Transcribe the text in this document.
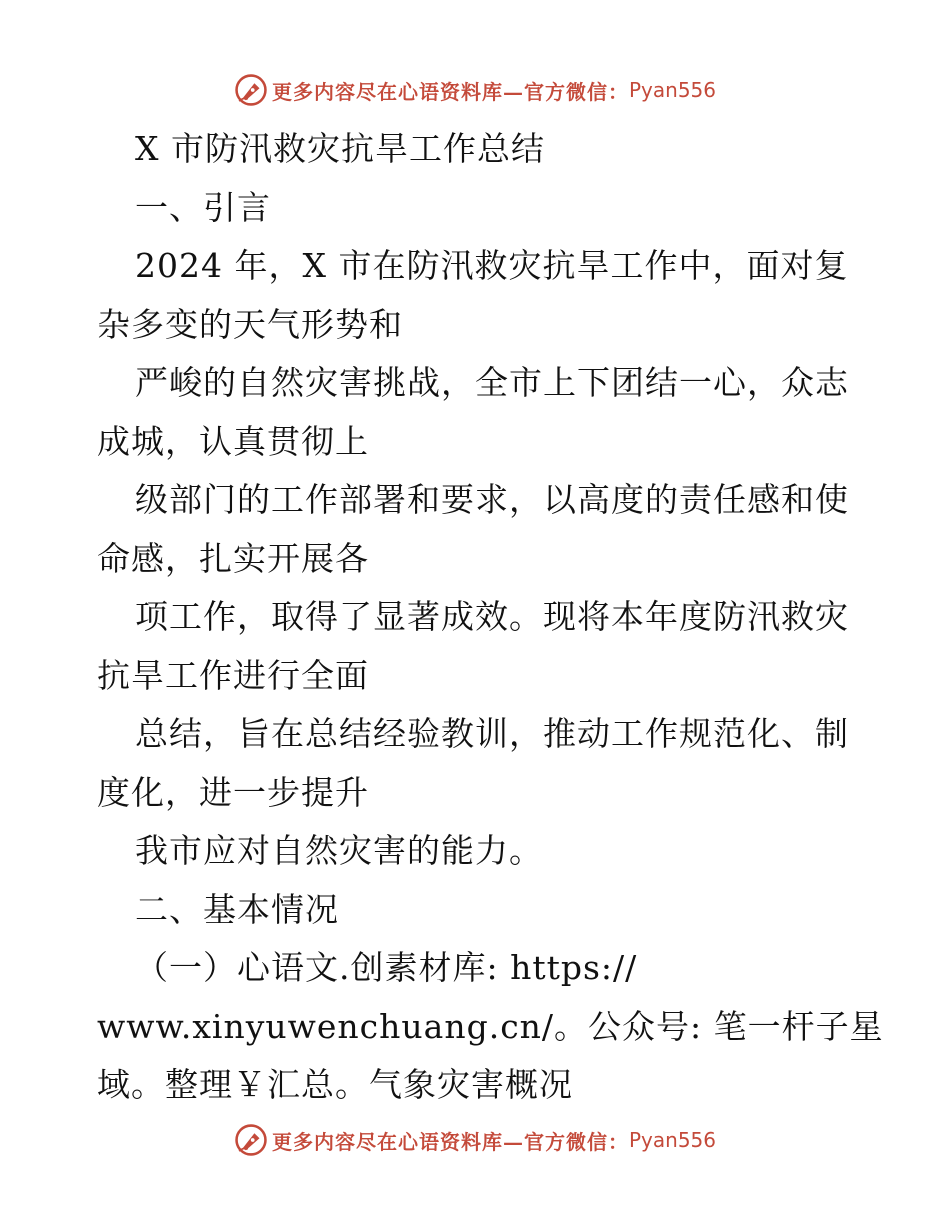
更多内容尽在心语资料库—官方微信： Pyan556
X 市防汛救灾抗旱工作总结
一、引言
2024 年，X 市在防汛救灾抗旱工作中，面对复
杂多变的天气形势和
严峻的自然灾害挑战，全市上下团结一心，众志
成城，认真贯彻上
级部门的工作部署和要求，以高度的责任感和使
命感，扎实开展各
项工作，取得了显著成效。现将本年度防汛救灾
抗旱工作进行全面
总结，旨在总结经验教训，推动工作规范化、制
度化，进一步提升
我市应对自然灾害的能力。
二、基本情况
（一）心语文.创素材库: https://
www.xinyuwenchuang.cn/。公众号: 笔一杆子星
域。整理￥汇总。气象灾害概况
更多内容尽在心语资料库—官方微信： Pyan556
